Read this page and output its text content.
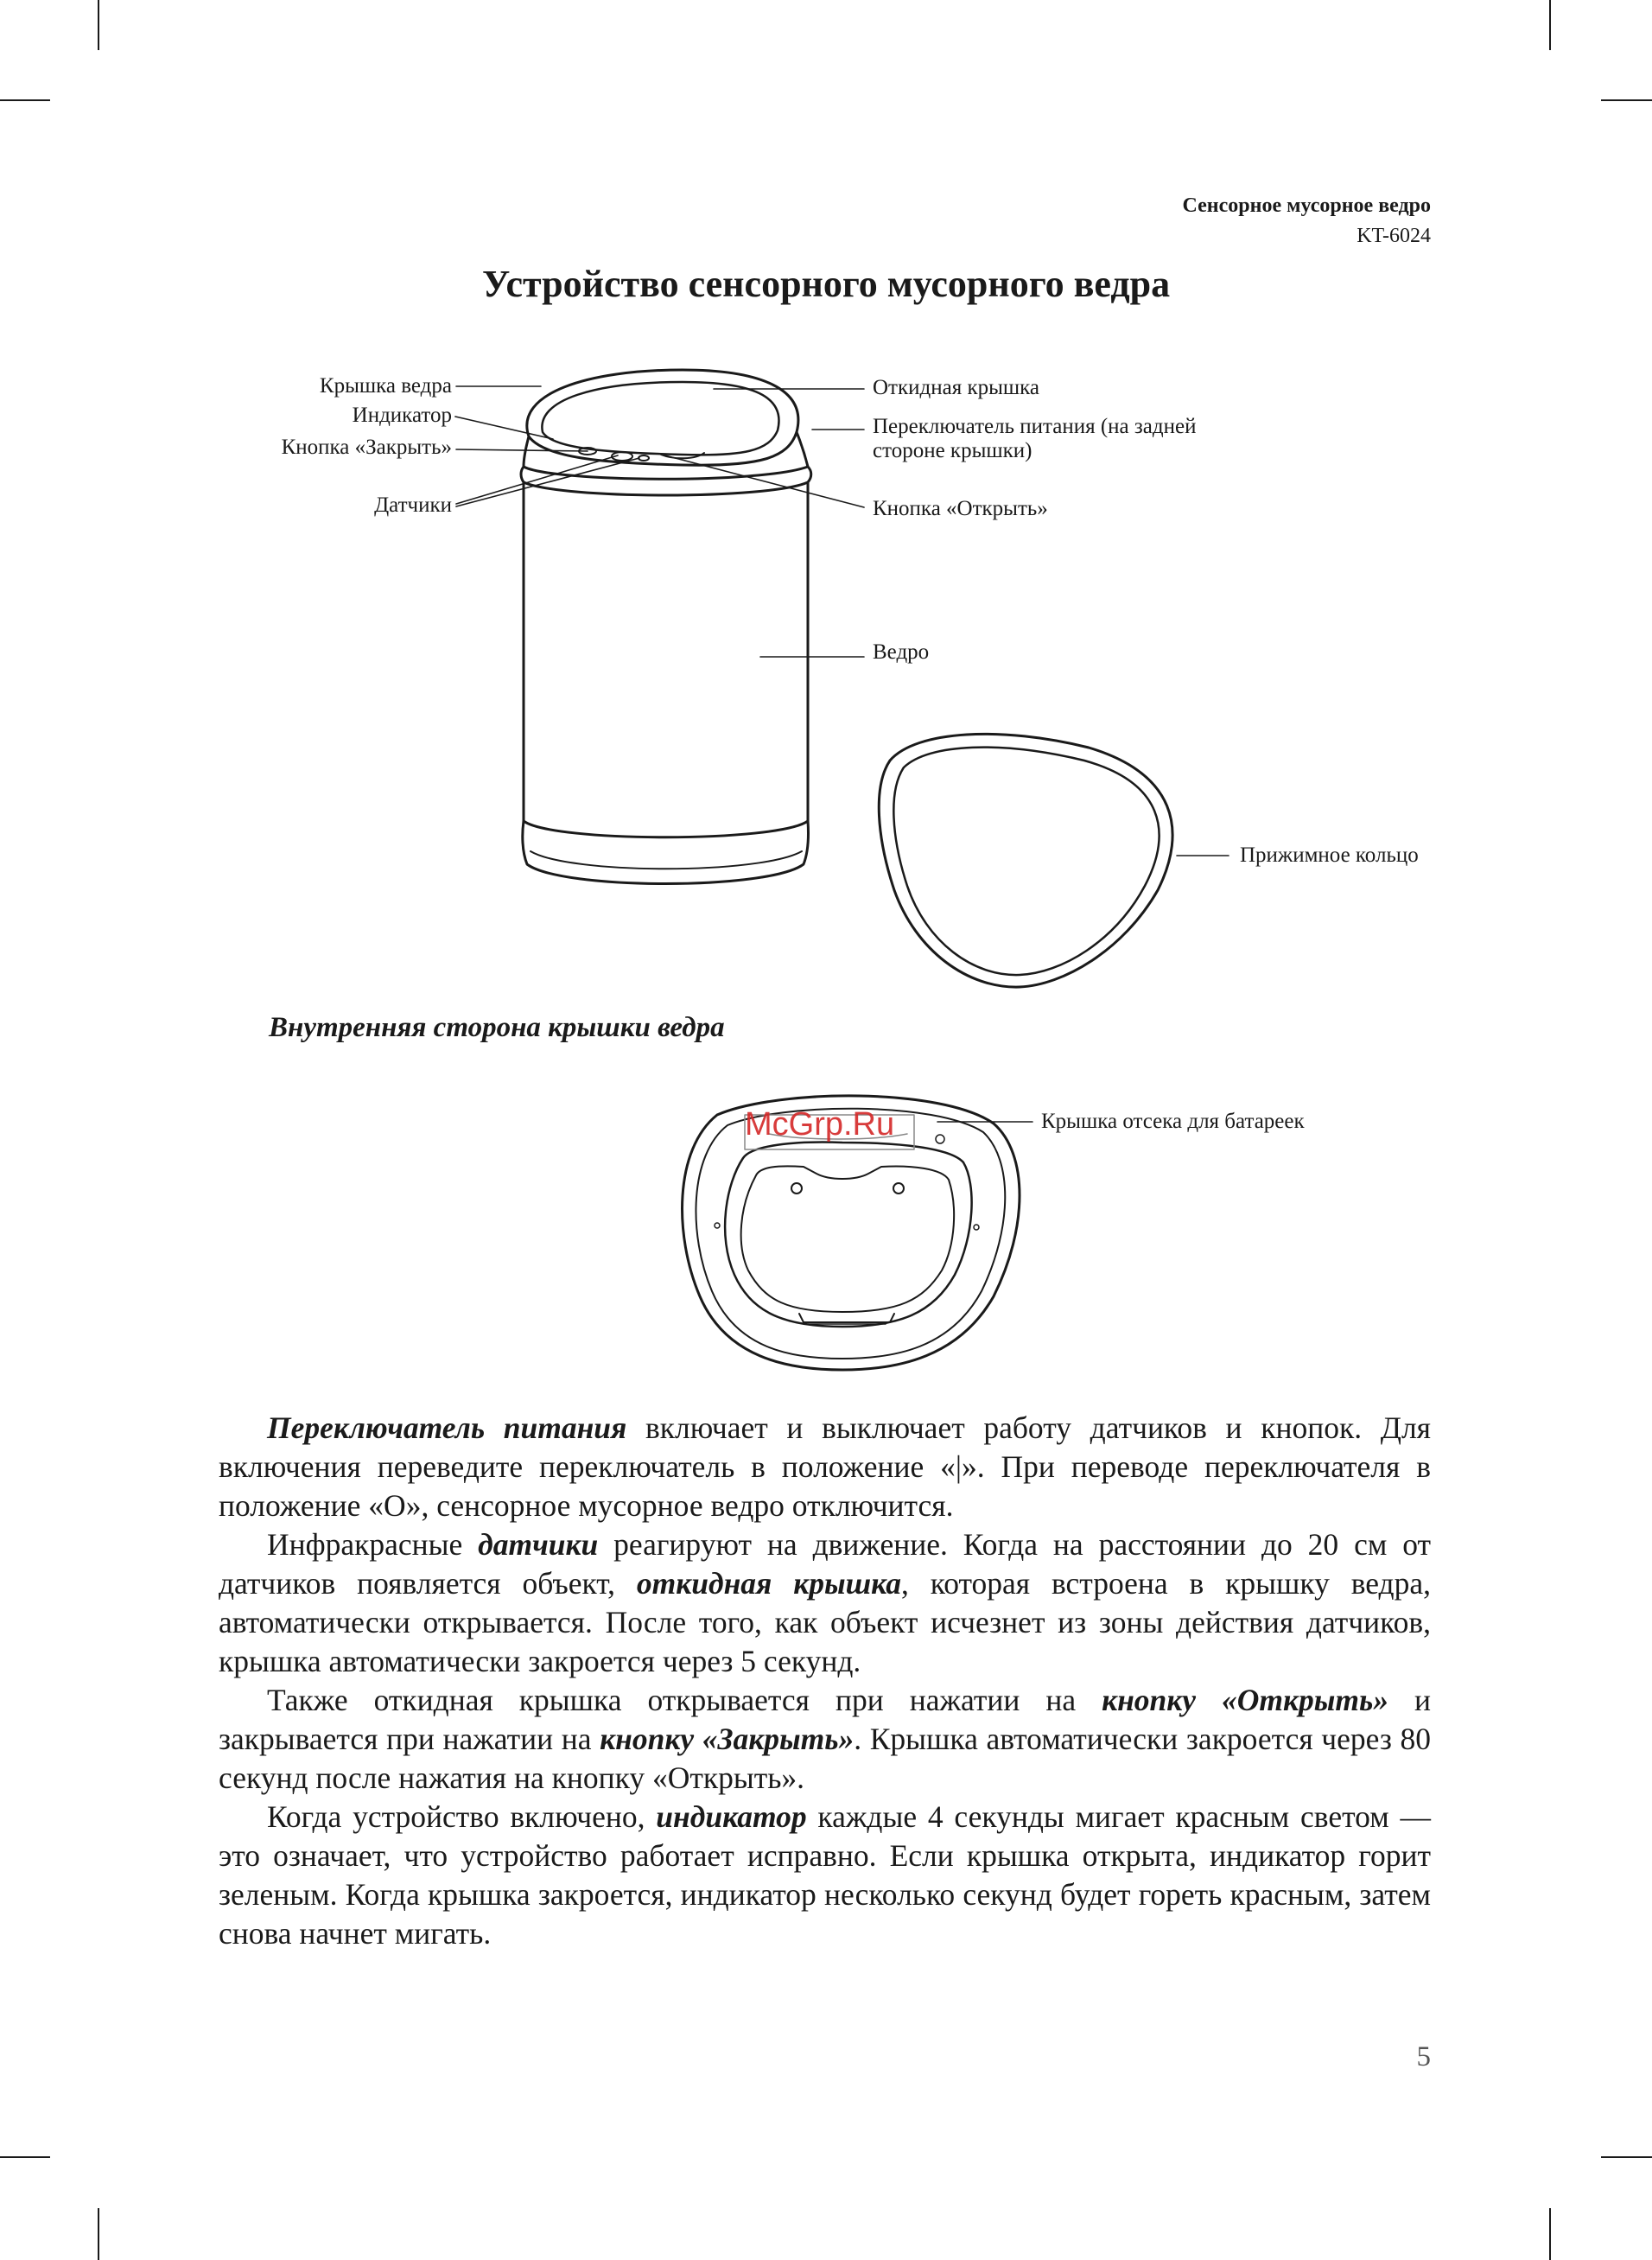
Сенсорное мусорное ведро
KT-6024
Устройство сенсорного мусорного ведра
Крышка ведра
Индикатор
Кнопка «Закрыть»
Датчики
Откидная крышка
Переключатель питания (на задней
стороне крышки)
Кнопка «Открыть»
Ведро
Прижимное кольцо
Крышка отсека для батареек
Внутренняя сторона крышки ведра
McGrp.Ru

Переключатель питания включает и выключает работу датчиков и кнопок. Для включения переведите переключатель в положение «|». При переводе переключателя в положение «O», сенсорное мусорное ведро отключится.

Инфракрасные датчики реагируют на движение. Когда на расстоянии до 20 см от датчиков появляется объект, откидная крышка, которая встроена в крышку ведра, автоматически открывается. После того, как объект исчезнет из зоны действия датчиков, крышка автоматически закроется через 5 секунд.

Также откидная крышка открывается при нажатии на кнопку «Открыть» и закрывается при нажатии на кнопку «Закрыть». Крышка автоматически закроется через 80 секунд после нажатия на кнопку «Открыть».

Когда устройство включено, индикатор каждые 4 секунды мигает красным светом — это означает, что устройство работает исправно. Если крышка открыта, индикатор горит зеленым. Когда крышка закроется, индикатор несколько секунд будет гореть красным, затем снова начнет мигать.

5
